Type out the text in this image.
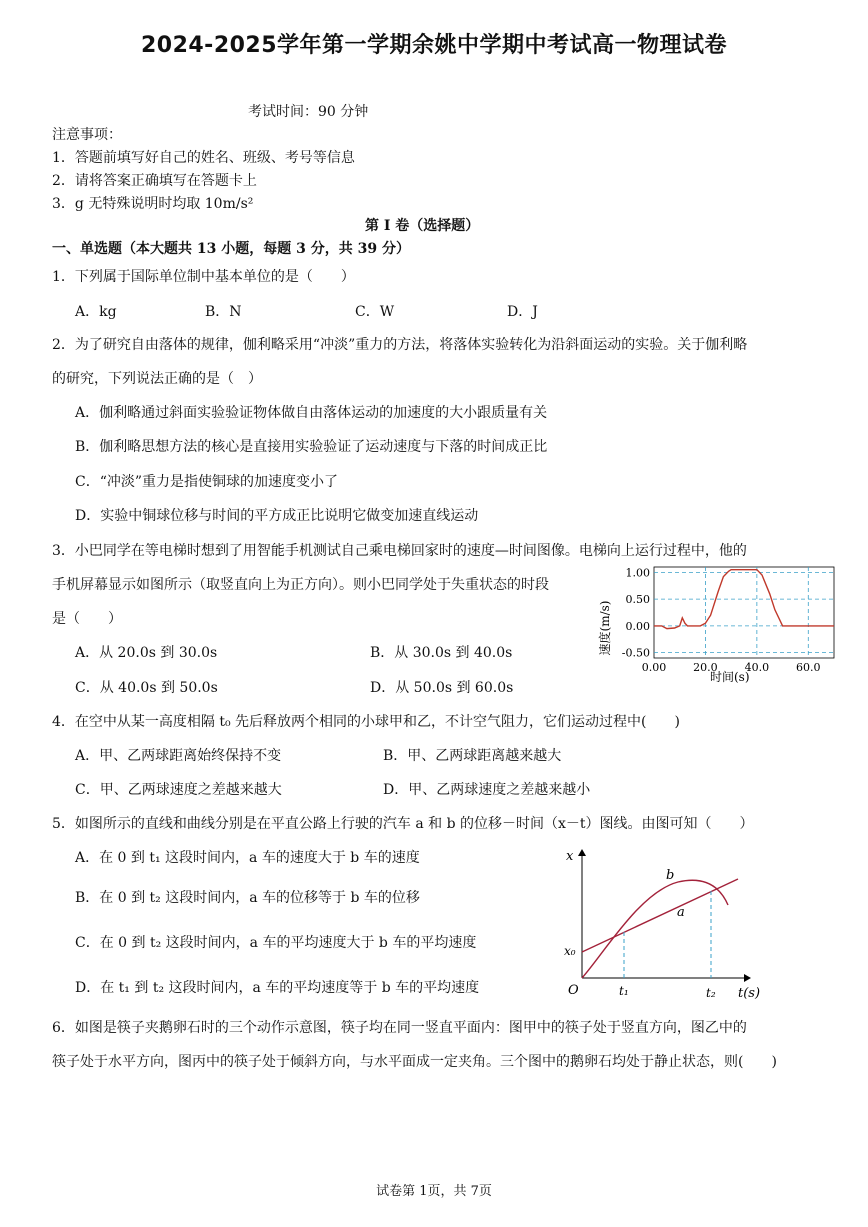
2024-2025学年第一学期余姚中学期中考试高一物理试卷
考试时间：90 分钟
注意事项：
1．答题前填写好自己的姓名、班级、考号等信息
2．请将答案正确填写在答题卡上
3．g 无特殊说明时均取 10m/s²
第 I 卷（选择题）
一、单选题（本大题共 13 小题，每题 3 分，共 39 分）
1．下列属于国际单位制中基本单位的是（　　）
A．kg	B．N	C．W	D．J
2．为了研究自由落体的规律，伽利略采用“冲淡”重力的方法，将落体实验转化为沿斜面运动的实验。关于伽利略
的研究，下列说法正确的是（　）
A．伽利略通过斜面实验验证物体做自由落体运动的加速度的大小跟质量有关
B．伽利略思想方法的核心是直接用实验验证了运动速度与下落的时间成正比
C．“冲淡”重力是指使铜球的加速度变小了
D．实验中铜球位移与时间的平方成正比说明它做变加速直线运动
3．小巴同学在等电梯时想到了用智能手机测试自己乘电梯回家时的速度—时间图像。电梯向上运行过程中，他的
手机屏幕显示如图所示（取竖直向上为正方向）。则小巴同学处于失重状态的时段
是（　　）
A．从 20.0s 到 30.0s	B．从 30.0s 到 40.0s
C．从 40.0s 到 50.0s	D．从 50.0s 到 60.0s
1.00
0.50
0.00
-0.50
0.00 20.0 40.0 60.0
时间(s)
速度(m/s)
4．在空中从某一高度相隔 t₀ 先后释放两个相同的小球甲和乙，不计空气阻力，它们运动过程中(　　)
A．甲、乙两球距离始终保持不变	B．甲、乙两球距离越来越大
C．甲、乙两球速度之差越来越大	D．甲、乙两球速度之差越来越小
5．如图所示的直线和曲线分别是在平直公路上行驶的汽车 a 和 b 的位移－时间（x－t）图线。由图可知（　　）
A．在 0 到 t₁ 这段时间内，a 车的速度大于 b 车的速度
B．在 0 到 t₂ 这段时间内，a 车的位移等于 b 车的位移
C．在 0 到 t₂ 这段时间内，a 车的平均速度大于 b 车的平均速度
D．在 t₁ 到 t₂ 这段时间内，a 车的平均速度等于 b 车的平均速度
x
x₀
O	t₁	t₂ t(s)
b
a
6．如图是筷子夹鹅卵石时的三个动作示意图，筷子均在同一竖直平面内：图甲中的筷子处于竖直方向，图乙中的
筷子处于水平方向，图丙中的筷子处于倾斜方向，与水平面成一定夹角。三个图中的鹅卵石均处于静止状态，则(　　)
试卷第 1页，共 7页
